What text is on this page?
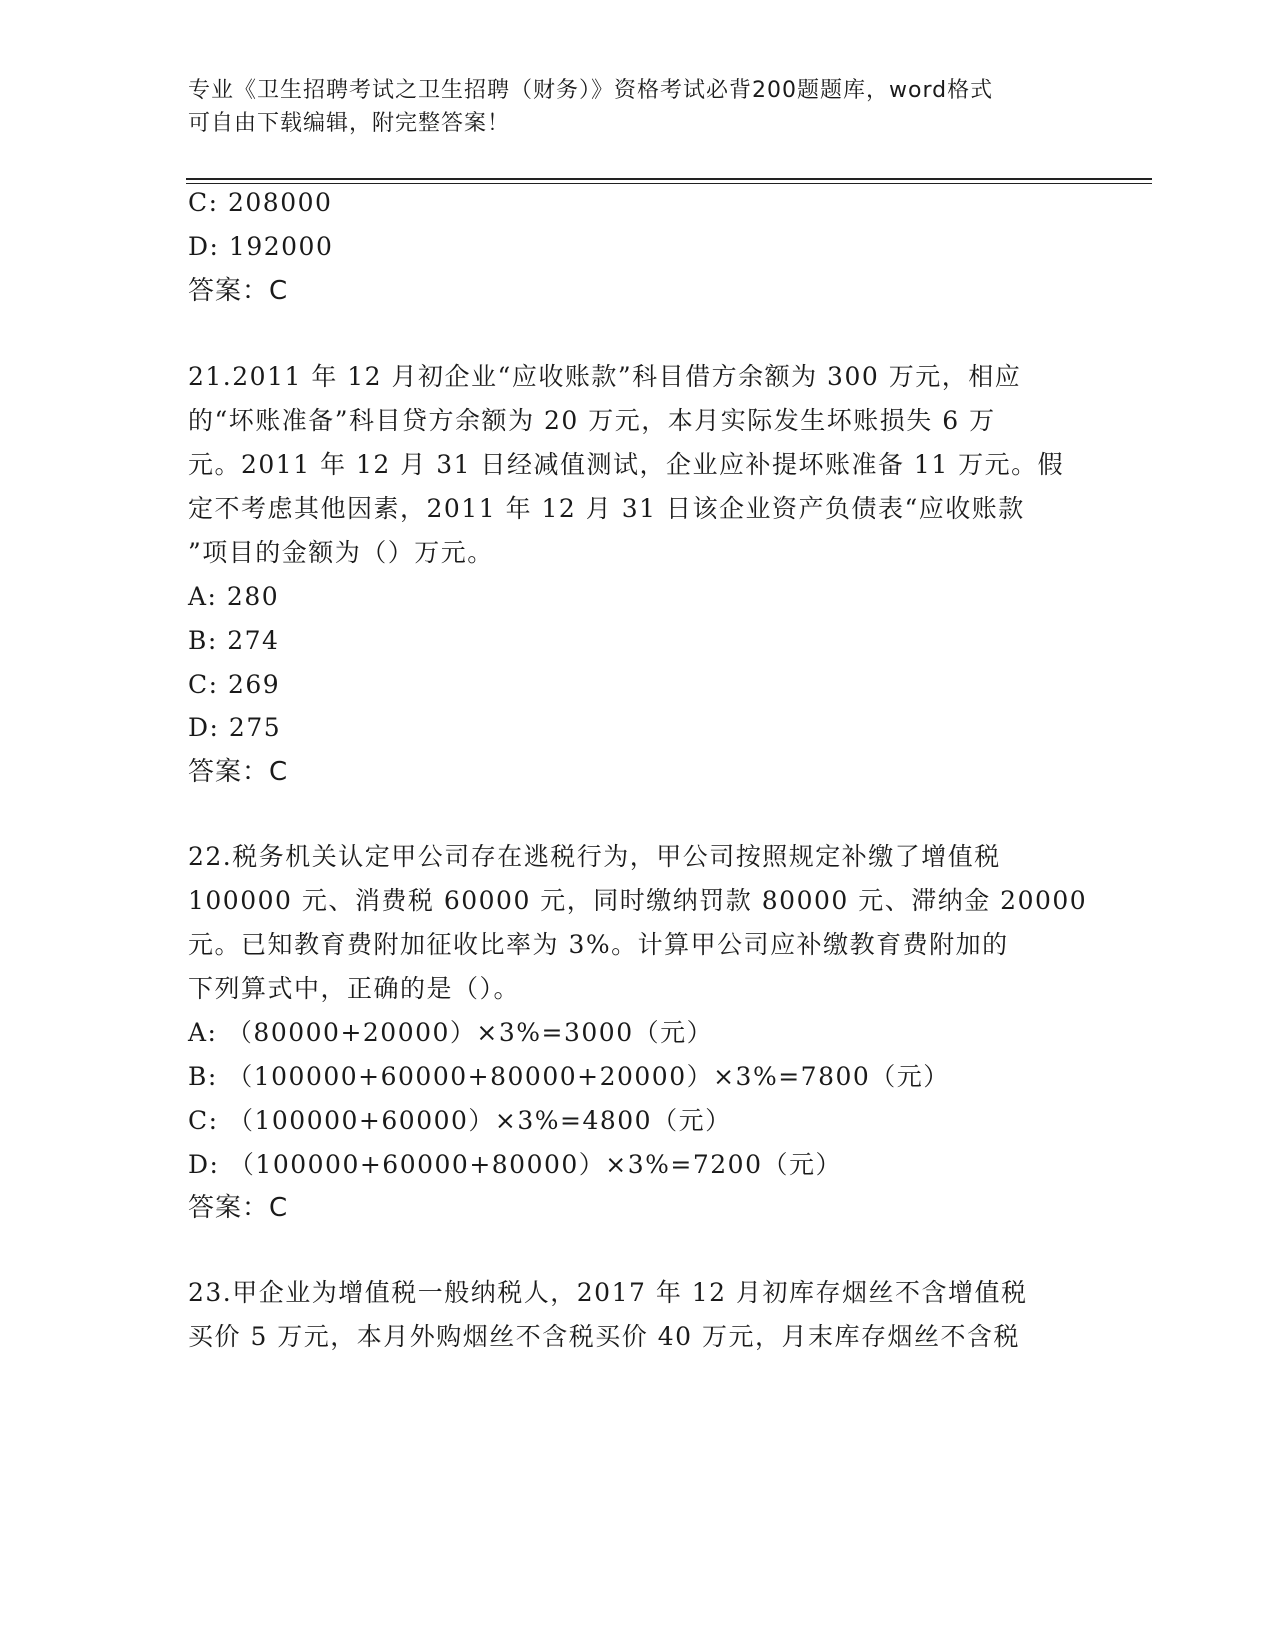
专业《卫生招聘考试之卫生招聘（财务）》资格考试必背200题题库，word格式
可自由下载编辑，附完整答案！
C: 208000
D: 192000
答案：C
21.2011 年 12 月初企业“应收账款”科目借方余额为 300 万元，相应
的“坏账准备”科目贷方余额为 20 万元，本月实际发生坏账损失 6 万
元。2011 年 12 月 31 日经减值测试，企业应补提坏账准备 11 万元。假
定不考虑其他因素，2011 年 12 月 31 日该企业资产负债表“应收账款
”项目的金额为（）万元。
A: 280
B: 274
C: 269
D: 275
答案：C
22.税务机关认定甲公司存在逃税行为，甲公司按照规定补缴了增值税
100000 元、消费税 60000 元，同时缴纳罚款 80000 元、滞纳金 20000
元。已知教育费附加征收比率为 3%。计算甲公司应补缴教育费附加的
下列算式中，正确的是（）。
A: （80000+20000）×3%=3000（元）
B: （100000+60000+80000+20000）×3%=7800（元）
C: （100000+60000）×3%=4800（元）
D: （100000+60000+80000）×3%=7200（元）
答案：C
23.甲企业为增值税一般纳税人，2017 年 12 月初库存烟丝不含增值税
买价 5 万元，本月外购烟丝不含税买价 40 万元，月末库存烟丝不含税
